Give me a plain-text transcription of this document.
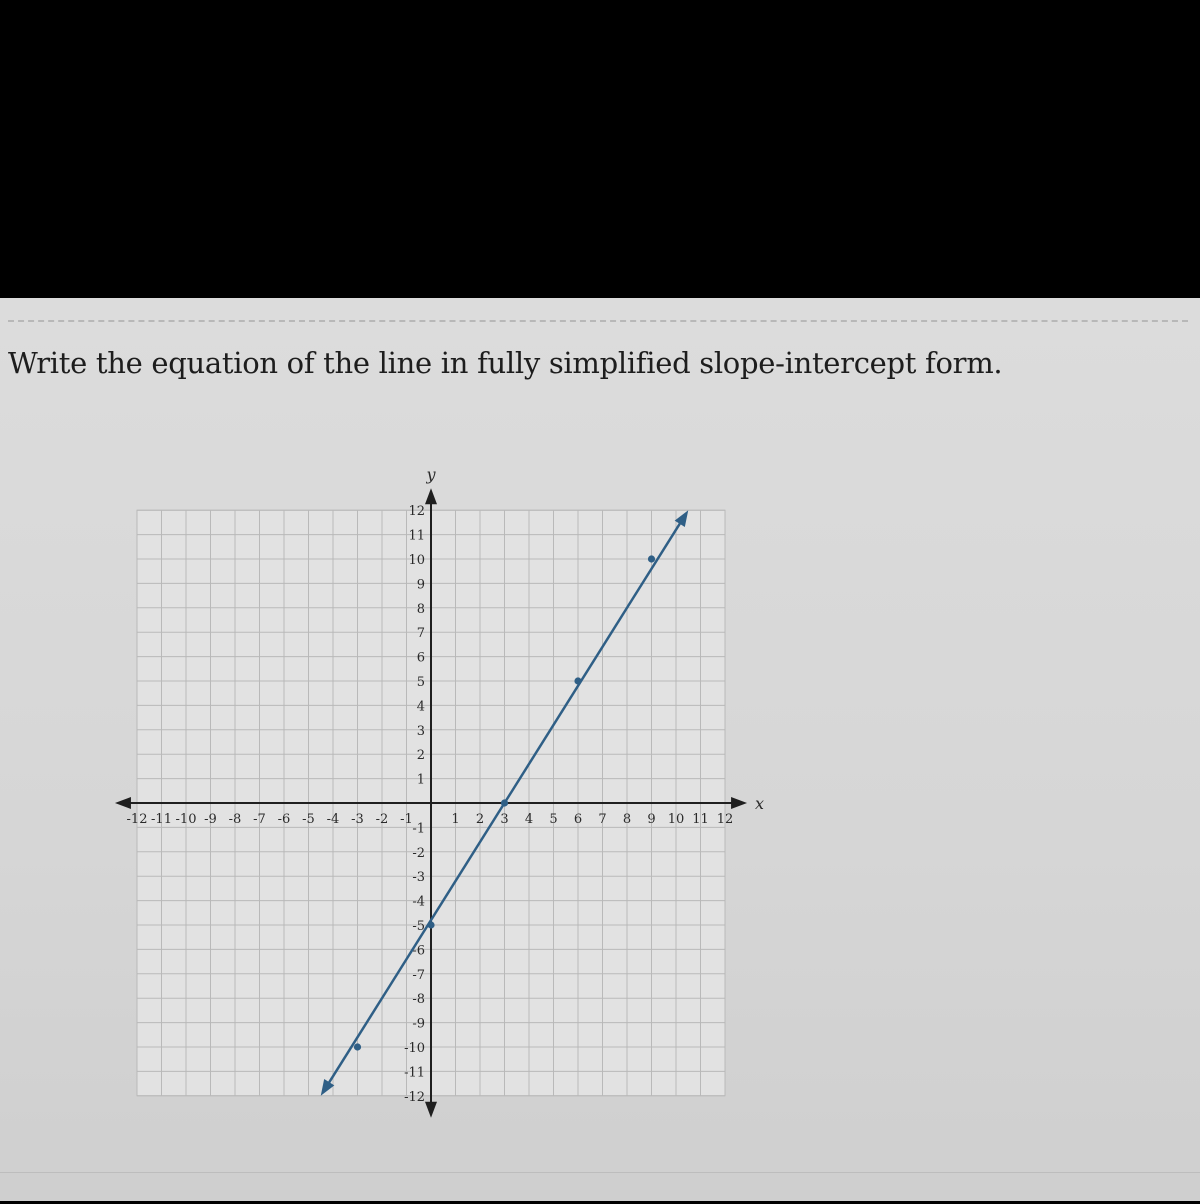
Write the equation of the line in fully simplified slope-intercept form.
-12 -11 -10 -9 -8 -7 -6 -5 -4 -3 -2 -1	1 2 3 4 5 6 7 8 9 10 11 12
12
11
10
9
8
7
6
5
4
3
2
1
-1
-2
-3
-4
-5
-6
-7
-8
-9
-10
-11
-12
x
y
